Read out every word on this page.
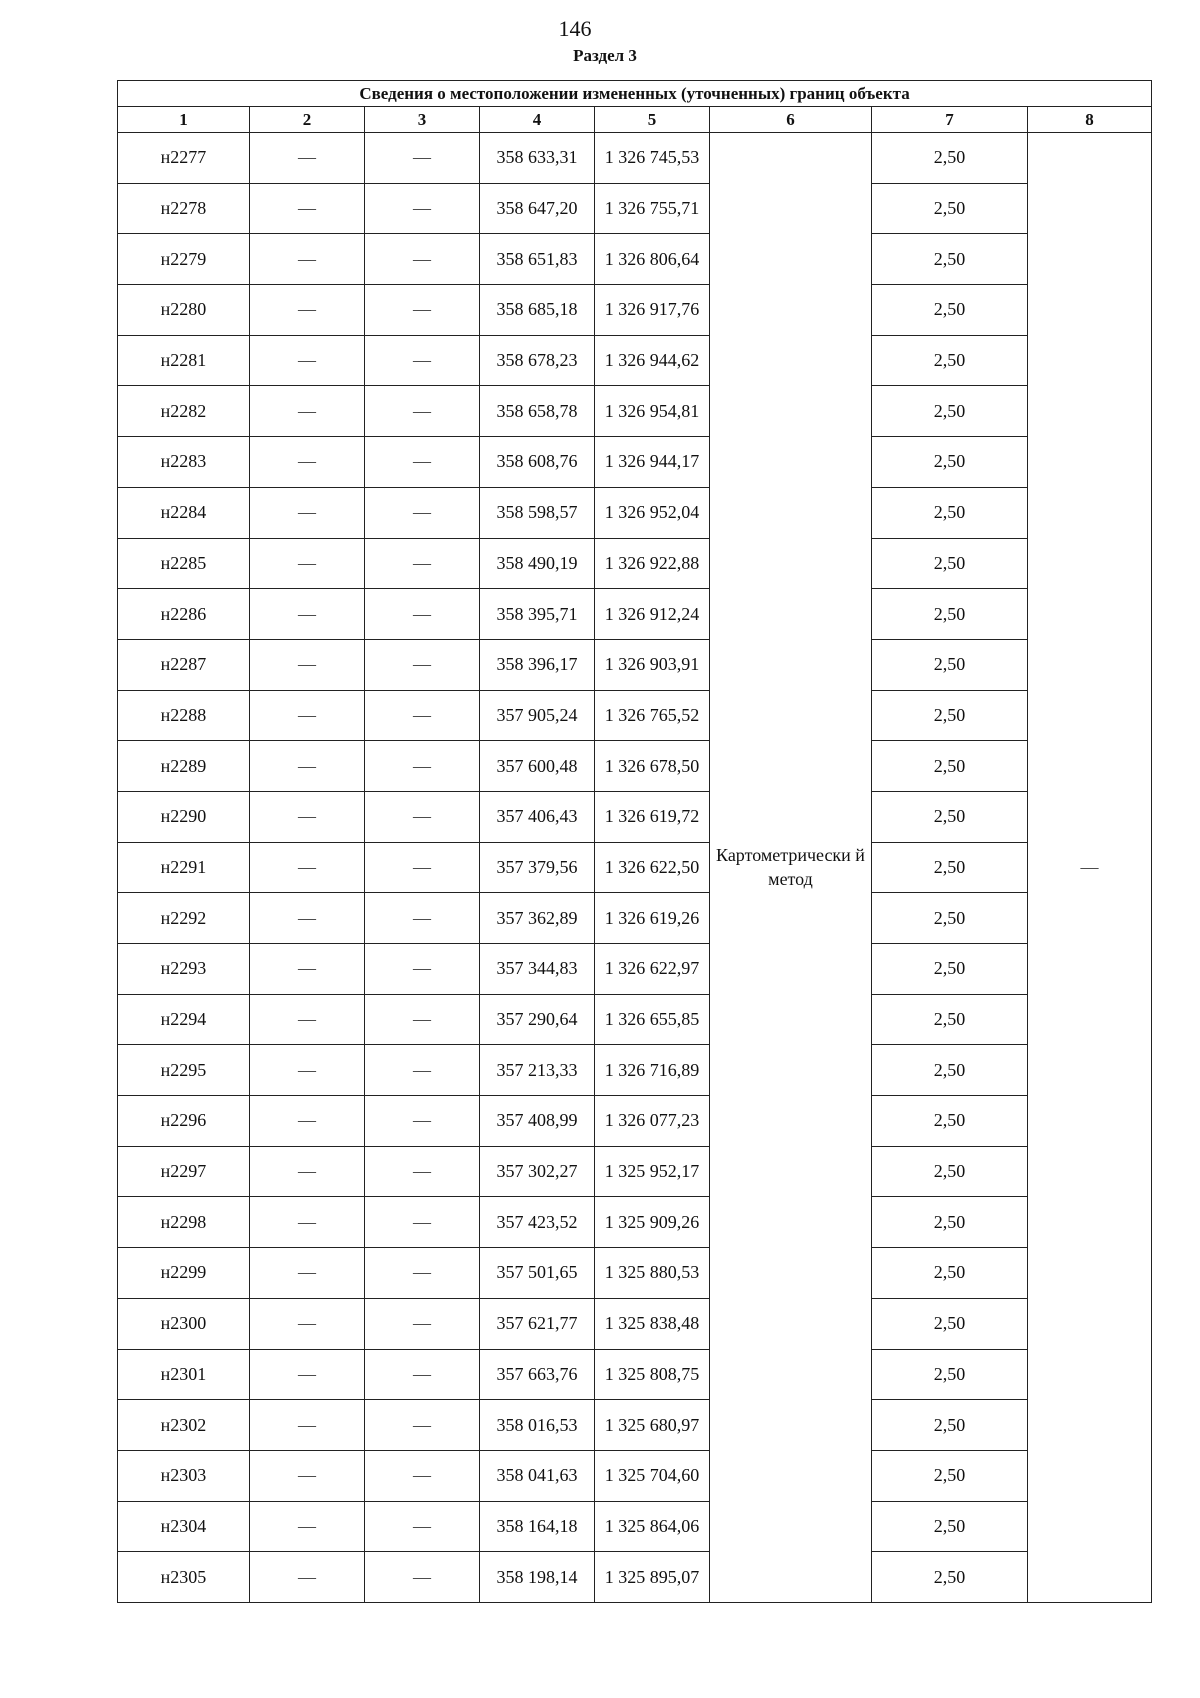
146
Раздел 3
Сведения о местоположении измененных (уточненных) границ объекта							
1	2	3	4	5	6	7	8
н2277	—	—	358 633,31	1 326 745,53	Картометрически й метод	2,50	—
н2278	—	—	358 647,20	1 326 755,71		2,50	
н2279	—	—	358 651,83	1 326 806,64		2,50	
н2280	—	—	358 685,18	1 326 917,76		2,50	
н2281	—	—	358 678,23	1 326 944,62		2,50	
н2282	—	—	358 658,78	1 326 954,81		2,50	
н2283	—	—	358 608,76	1 326 944,17		2,50	
н2284	—	—	358 598,57	1 326 952,04		2,50	
н2285	—	—	358 490,19	1 326 922,88		2,50	
н2286	—	—	358 395,71	1 326 912,24		2,50	
н2287	—	—	358 396,17	1 326 903,91		2,50	
н2288	—	—	357 905,24	1 326 765,52		2,50	
н2289	—	—	357 600,48	1 326 678,50		2,50	
н2290	—	—	357 406,43	1 326 619,72		2,50	
н2291	—	—	357 379,56	1 326 622,50		2,50	
н2292	—	—	357 362,89	1 326 619,26		2,50	
н2293	—	—	357 344,83	1 326 622,97		2,50	
н2294	—	—	357 290,64	1 326 655,85		2,50	
н2295	—	—	357 213,33	1 326 716,89		2,50	
н2296	—	—	357 408,99	1 326 077,23		2,50	
н2297	—	—	357 302,27	1 325 952,17		2,50	
н2298	—	—	357 423,52	1 325 909,26		2,50	
н2299	—	—	357 501,65	1 325 880,53		2,50	
н2300	—	—	357 621,77	1 325 838,48		2,50	
н2301	—	—	357 663,76	1 325 808,75		2,50	
н2302	—	—	358 016,53	1 325 680,97		2,50	
н2303	—	—	358 041,63	1 325 704,60		2,50	
н2304	—	—	358 164,18	1 325 864,06		2,50	
н2305	—	—	358 198,14	1 325 895,07		2,50	
